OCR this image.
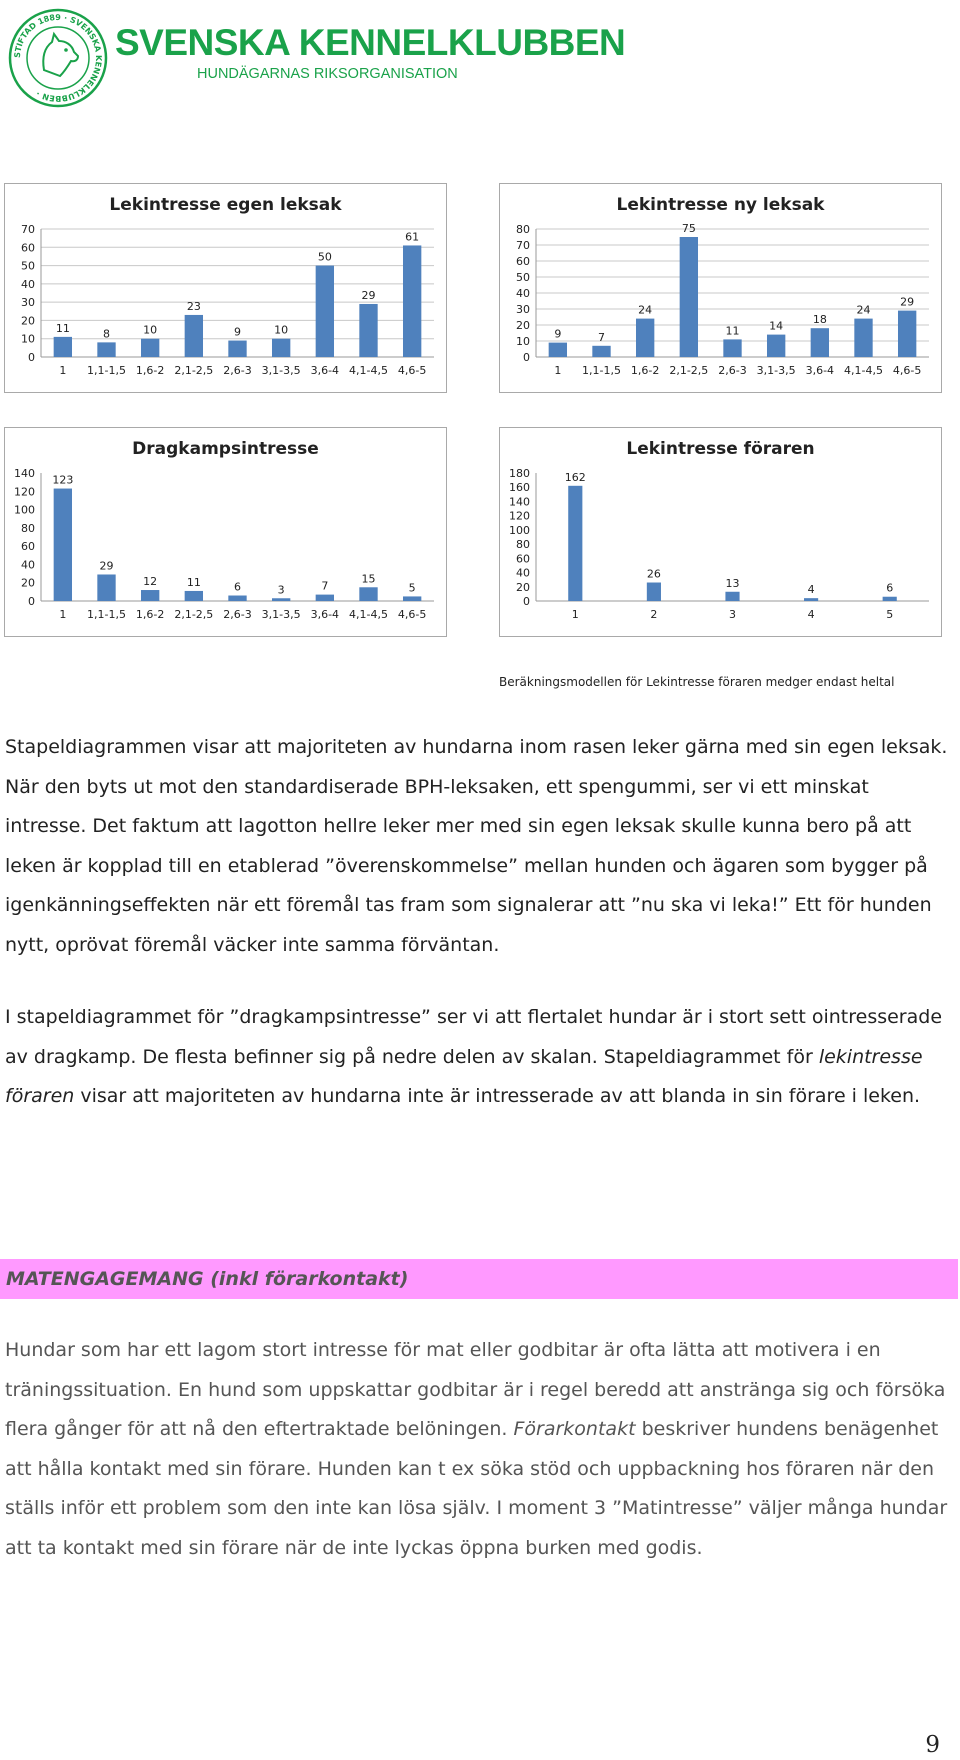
STIFTAD 1889 · SVENSKA KENNELKLUBBEN ·

SVENSKA KENNELKLUBBEN

HUNDÄGARNAS RIKSORGANISATION

Lekintresse egen leksak
0
10
20
30
40
50
60
70
11
1
8
1,1-1,5
10
1,6-2
23
2,1-2,5
9
2,6-3
10
3,1-3,5
50
3,6-4
29
4,1-4,5
61
4,6-5
Lekintresse ny leksak
0
10
20
30
40
50
60
70
80
9
1
7
1,1-1,5
24
1,6-2
75
2,1-2,5
11
2,6-3
14
3,1-3,5
18
3,6-4
24
4,1-4,5
29
4,6-5
Dragkampsintresse
0
20
40
60
80
100
120
140
123
1
29
1,1-1,5
12
1,6-2
11
2,1-2,5
6
2,6-3
3
3,1-3,5
7
3,6-4
15
4,1-4,5
5
4,6-5
Lekintresse föraren
0
20
40
60
80
100
120
140
160
180	162
1
26
2
13
3
4
4
6
5

Beräkningsmodellen för Lekintresse föraren medger endast heltal

Stapeldiagrammen visar att majoriteten av hundarna inom rasen leker gärna med sin egen leksak. När den byts ut mot den standardiserade BPH-leksaken, ett spengummi, ser vi ett minskat intresse. Det faktum att lagotton hellre leker mer med sin egen leksak skulle kunna bero på att leken är kopplad till en etablerad ”överenskommelse” mellan hunden och ägaren som bygger på igenkänningseffekten när ett föremål tas fram som signalerar att ”nu ska vi leka!” Ett för hunden nytt, oprövat föremål väcker inte samma förväntan.

I stapeldiagrammet för ”dragkampsintresse” ser vi att flertalet hundar är i stort sett ointresserade av dragkamp. De flesta befinner sig på nedre delen av skalan. Stapeldiagrammet för lekintresse föraren visar att majoriteten av hundarna inte är intresserade av att blanda in sin förare i leken.

MATENGAGEMANG (inkl förarkontakt)

Hundar som har ett lagom stort intresse för mat eller godbitar är ofta lätta att motivera i en träningssituation. En hund som uppskattar godbitar är i regel beredd att anstränga sig och försöka flera gånger för att nå den eftertraktade belöningen. Förarkontakt beskriver hundens benägenhet att hålla kontakt med sin förare. Hunden kan t ex söka stöd och uppbackning hos föraren när den ställs inför ett problem som den inte kan lösa själv. I moment 3 ”Matintresse” väljer många hundar att ta kontakt med sin förare när de inte lyckas öppna burken med godis.

9
